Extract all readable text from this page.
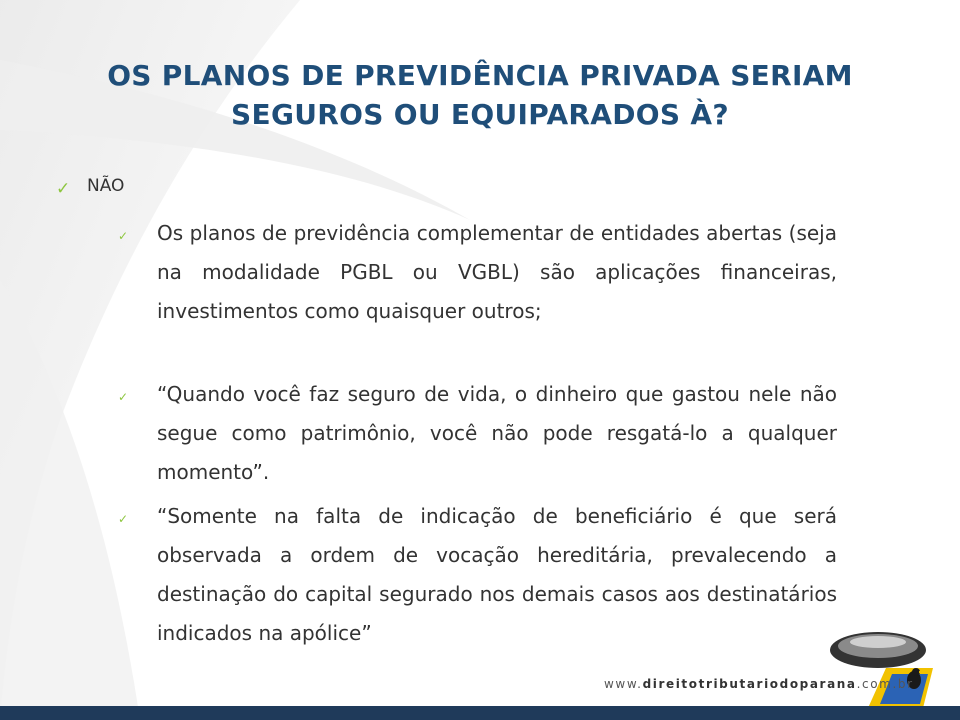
OS PLANOS DE PREVIDÊNCIA PRIVADA SERIAM
SEGUROS OU EQUIPARADOS À?
✓ NÃO
✓ Os planos de previdência complementar de entidades abertas (seja na modalidade PGBL ou VGBL) são aplicações financeiras, investimentos como quaisquer outros;
✓ “Quando você faz seguro de vida, o dinheiro que gastou nele não segue como patrimônio, você não pode resgatá-lo a qualquer momento”.
✓ “Somente na falta de indicação de beneficiário é que será observada a ordem de vocação hereditária, prevalecendo a destinação do capital segurado nos demais casos aos destinatários indicados na apólice”
www.direitotributariodoparana.com.br
